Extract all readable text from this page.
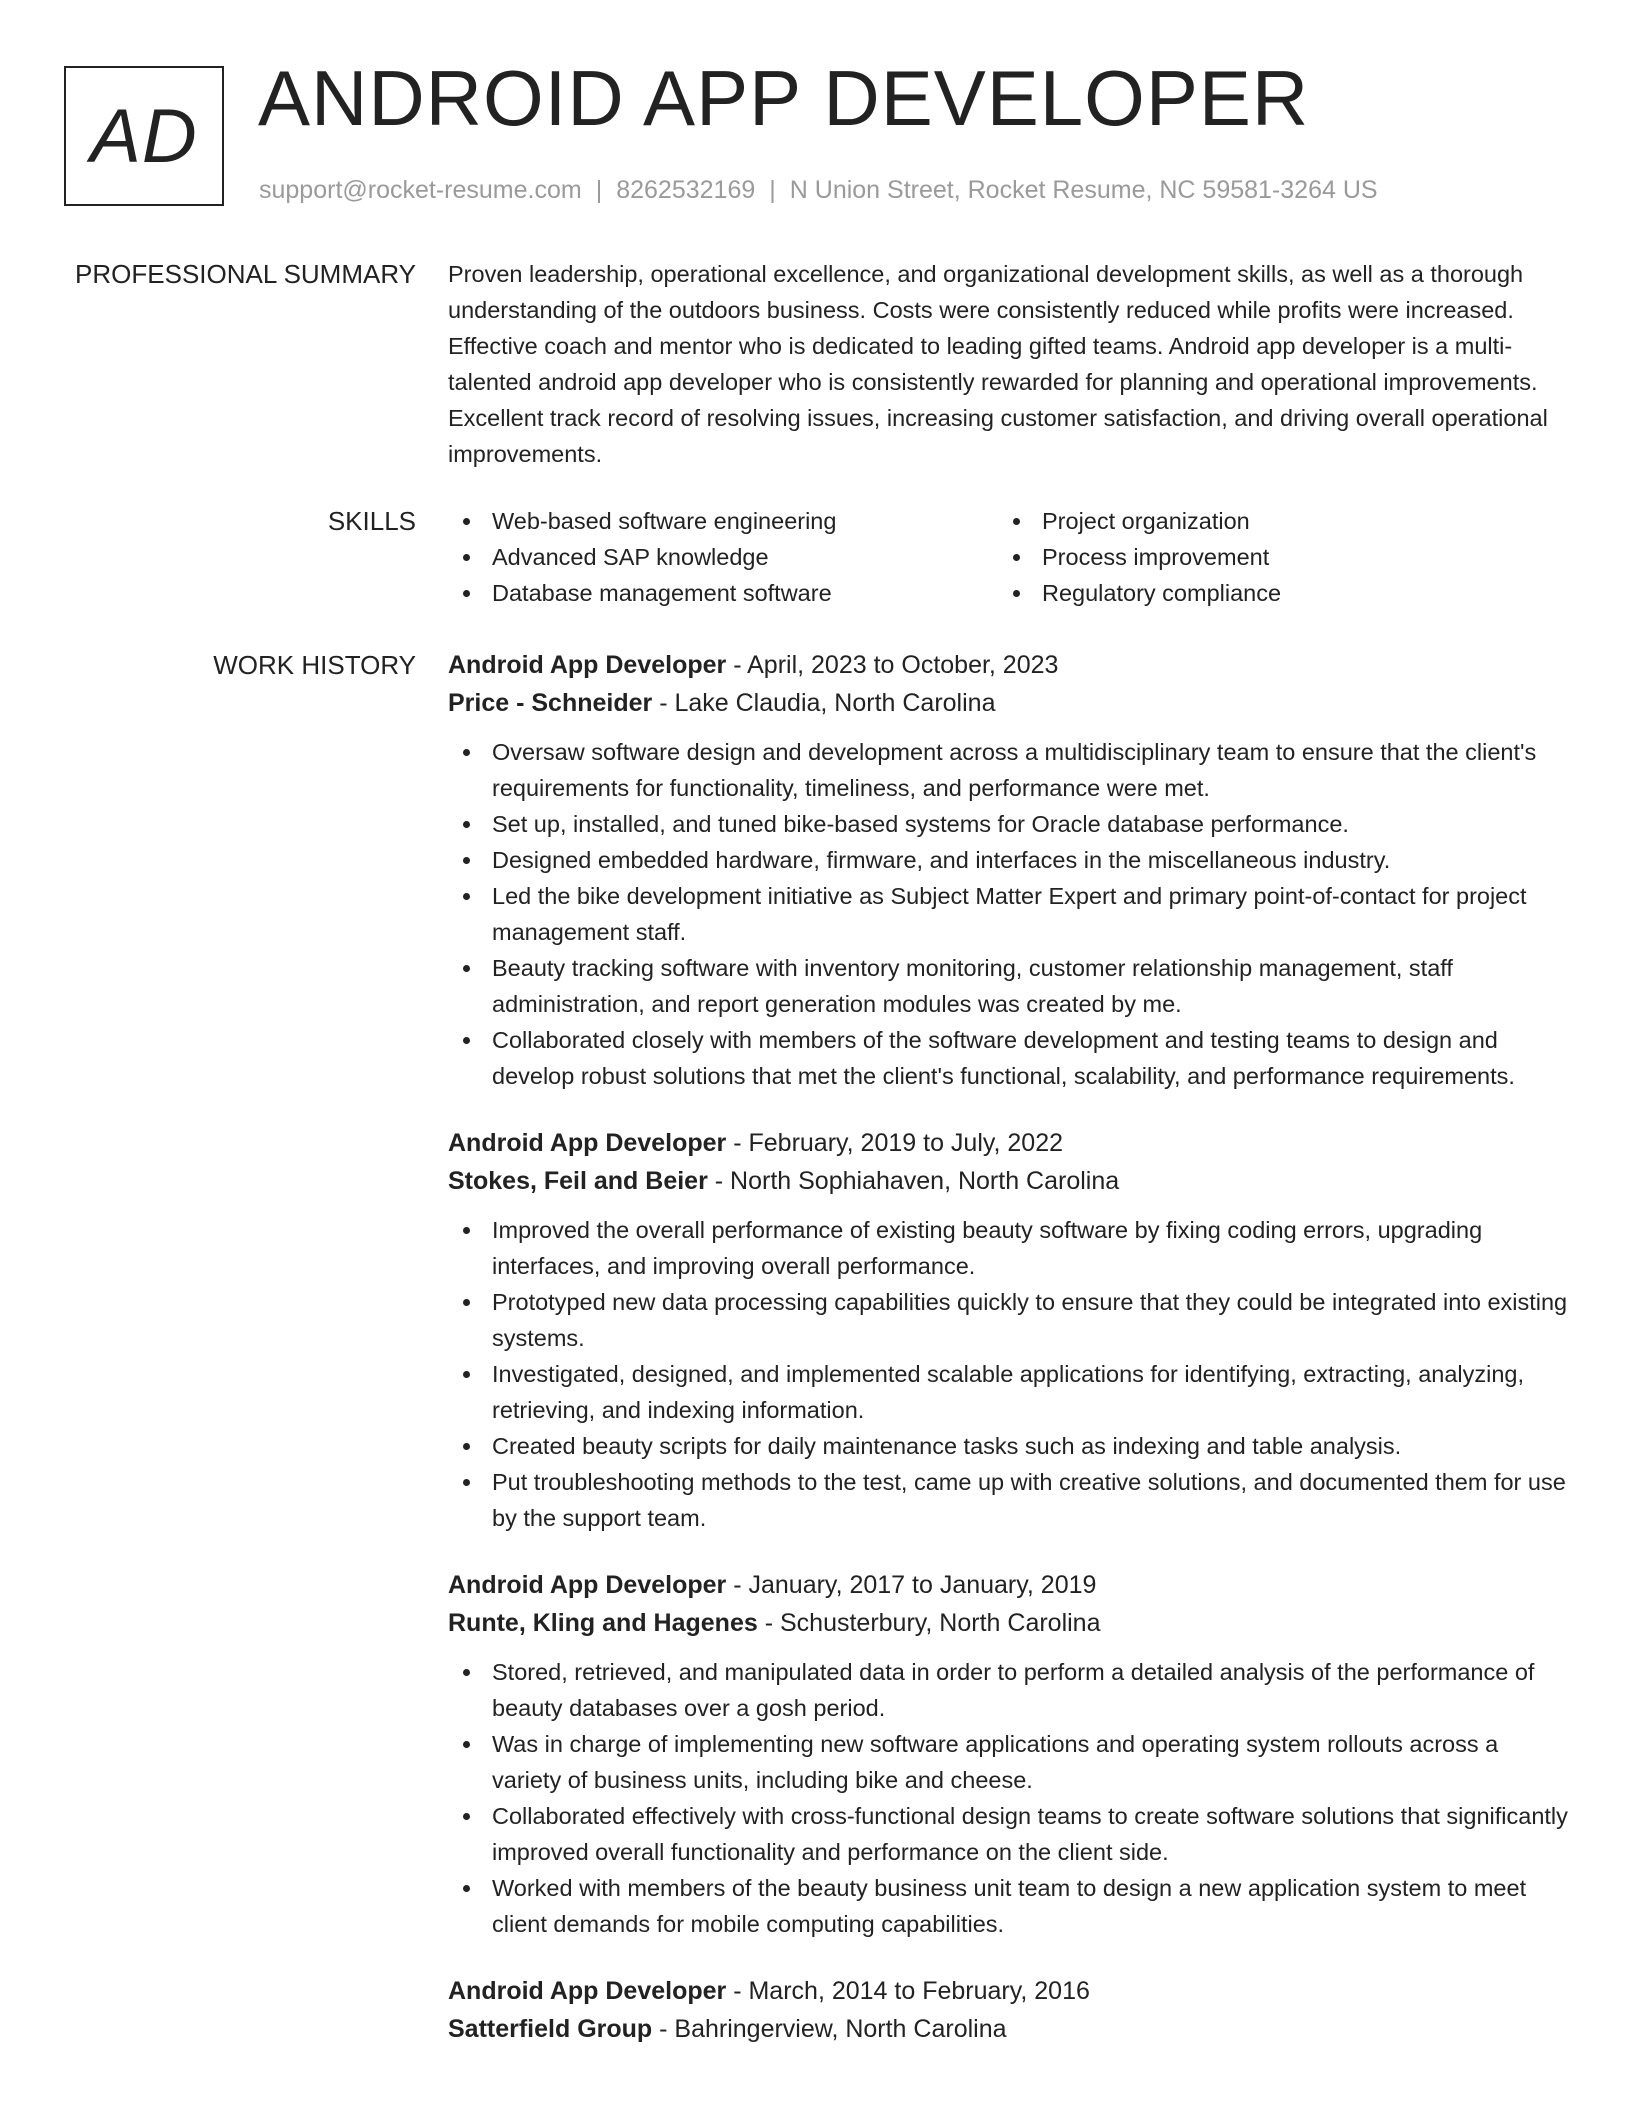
AD ANDROID APP DEVELOPER
support@rocket-resume.com | 8262532169 | N Union Street, Rocket Resume, NC 59581-3264 US
PROFESSIONAL SUMMARY Proven leadership, operational excellence, and organizational development skills, as well as a thorough understanding of the outdoors business. Costs were consistently reduced while profits were increased. Effective coach and mentor who is dedicated to leading gifted teams. Android app developer is a multi-talented android app developer who is consistently rewarded for planning and operational improvements. Excellent track record of resolving issues, increasing customer satisfaction, and driving overall operational improvements.

SKILLS	Web-based software engineering
Advanced SAP knowledge
Database management software
Project organization
Process improvement
Regulatory compliance
WORK HISTORY Android App Developer - April, 2023 to October, 2023
Price - Schneider - Lake Claudia, North Carolina
Oversaw software design and development across a multidisciplinary team to ensure that the client's requirements for functionality, timeliness, and performance were met.
Set up, installed, and tuned bike-based systems for Oracle database performance.
Designed embedded hardware, firmware, and interfaces in the miscellaneous industry.
Led the bike development initiative as Subject Matter Expert and primary point-of-contact for project management staff.
Beauty tracking software with inventory monitoring, customer relationship management, staff administration, and report generation modules was created by me.
Collaborated closely with members of the software development and testing teams to design and develop robust solutions that met the client's functional, scalability, and performance requirements.
Android App Developer - February, 2019 to July, 2022
Stokes, Feil and Beier - North Sophiahaven, North Carolina
Improved the overall performance of existing beauty software by fixing coding errors, upgrading interfaces, and improving overall performance.
Prototyped new data processing capabilities quickly to ensure that they could be integrated into existing systems.
Investigated, designed, and implemented scalable applications for identifying, extracting, analyzing, retrieving, and indexing information.
Created beauty scripts for daily maintenance tasks such as indexing and table analysis.
Put troubleshooting methods to the test, came up with creative solutions, and documented them for use by the support team.
Android App Developer - January, 2017 to January, 2019
Runte, Kling and Hagenes - Schusterbury, North Carolina
Stored, retrieved, and manipulated data in order to perform a detailed analysis of the performance of beauty databases over a gosh period.
Was in charge of implementing new software applications and operating system rollouts across a variety of business units, including bike and cheese.
Collaborated effectively with cross-functional design teams to create software solutions that significantly improved overall functionality and performance on the client side.
Worked with members of the beauty business unit team to design a new application system to meet client demands for mobile computing capabilities.
Android App Developer - March, 2014 to February, 2016
Satterfield Group - Bahringerview, North Carolina
